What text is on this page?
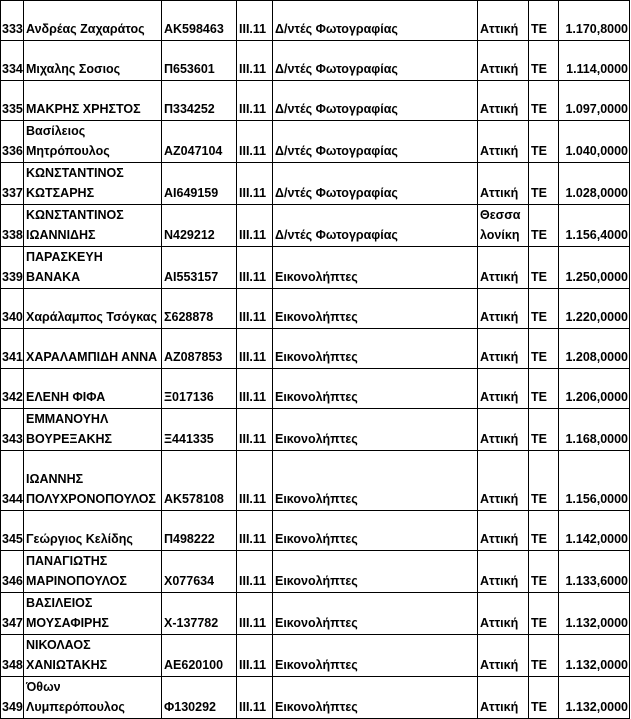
333	Ανδρέας Ζαχαράτος	ΑΚ598463	ΙΙΙ.11	Δ/ντές Φωτογραφίας	Αττική	ΤΕ	1.170,8000
334	Μιχαλης Σοσιος	Π653601	ΙΙΙ.11	Δ/ντές Φωτογραφίας	Αττική	ΤΕ	1.114,0000
335	ΜΑΚΡΗΣ ΧΡΗΣΤΟΣ	Π334252	ΙΙΙ.11	Δ/ντές Φωτογραφίας	Αττική	ΤΕ	1.097,0000
336	Βασίλειος Μητρόπουλος	ΑΖ047104	ΙΙΙ.11	Δ/ντές Φωτογραφίας	Αττική	ΤΕ	1.040,0000
337	ΚΩΝΣΤΑΝΤΙΝΟΣ ΚΩΤΣΑΡΗΣ	ΑΙ649159	ΙΙΙ.11	Δ/ντές Φωτογραφίας	Αττική	ΤΕ	1.028,0000
338	ΚΩΝΣΤΑΝΤΙΝΟΣ ΙΩΑΝΝΙΔΗΣ	Ν429212	ΙΙΙ.11	Δ/ντές Φωτογραφίας	Θεσσαλονίκη	ΤΕ	1.156,4000
339	ΠΑΡΑΣΚΕΥΗ ΒΑΝΑΚΑ	ΑΙ553157	ΙΙΙ.11	Εικονολήπτες	Αττική	ΤΕ	1.250,0000
340	Χαράλαμπος Τσόγκας	Σ628878	ΙΙΙ.11	Εικονολήπτες	Αττική	ΤΕ	1.220,0000
341	ΧΑΡΑΛΑΜΠΙΔΗ ΑΝΝΑ	ΑΖ087853	ΙΙΙ.11	Εικονολήπτες	Αττική	ΤΕ	1.208,0000
342	ΕΛΕΝΗ ΦΙΦΑ	Ξ017136	ΙΙΙ.11	Εικονολήπτες	Αττική	ΤΕ	1.206,0000
343	ΕΜΜΑΝΟΥΗΛ ΒΟΥΡΕΞΑΚΗΣ	Ξ441335	ΙΙΙ.11	Εικονολήπτες	Αττική	ΤΕ	1.168,0000
344	ΙΩΑΝΝΗΣ ΠΟΛΥΧΡΟΝΟΠΟΥΛΟΣ	ΑΚ578108	ΙΙΙ.11	Εικονολήπτες	Αττική	ΤΕ	1.156,0000
345	Γεώργιος Κελίδης	Π498222	ΙΙΙ.11	Εικονολήπτες	Αττική	ΤΕ	1.142,0000
346	ΠΑΝΑΓΙΩΤΗΣ ΜΑΡΙΝΟΠΟΥΛΟΣ	Χ077634	ΙΙΙ.11	Εικονολήπτες	Αττική	ΤΕ	1.133,6000
347	ΒΑΣΙΛΕΙΟΣ ΜΟΥΣΑΦΙΡΗΣ	Χ-137782	ΙΙΙ.11	Εικονολήπτες	Αττική	ΤΕ	1.132,0000
348	ΝΙΚΟΛΑΟΣ ΧΑΝΙΩΤΑΚΗΣ	ΑΕ620100	ΙΙΙ.11	Εικονολήπτες	Αττική	ΤΕ	1.132,0000
349	Όθων Λυμπερόπουλος	Φ130292	ΙΙΙ.11	Εικονολήπτες	Αττική	ΤΕ	1.132,0000
